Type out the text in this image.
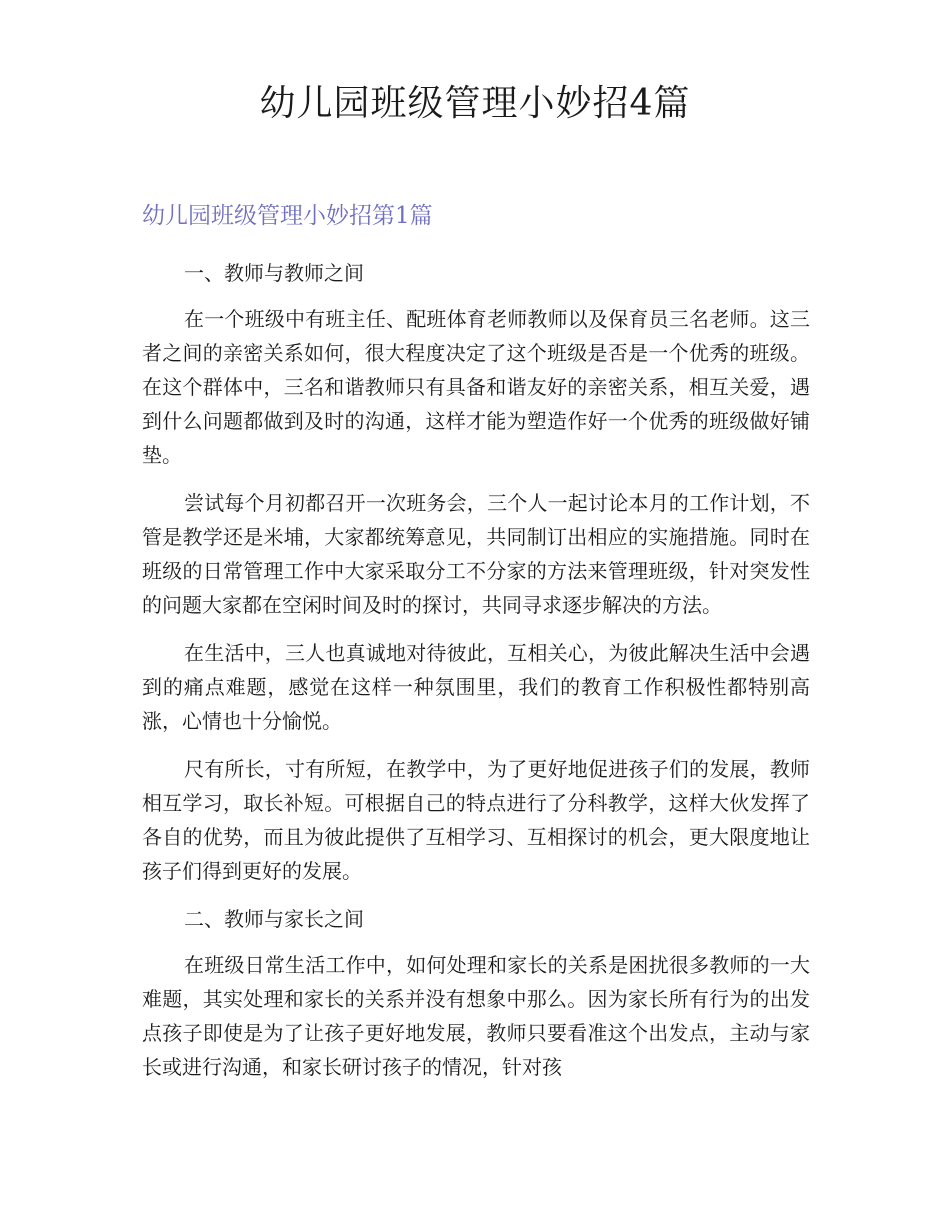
幼儿园班级管理小妙招4篇
幼儿园班级管理小妙招第1篇

一、教师与教师之间

在一个班级中有班主任、配班体育老师教师以及保育员三名老师。这三者之间的亲密关系如何，很大程度决定了这个班级是否是一个优秀的班级。在这个群体中，三名和谐教师只有具备和谐友好的亲密关系，相互关爱，遇到什么问题都做到及时的沟通，这样才能为塑造作好一个优秀的班级做好铺垫。

尝试每个月初都召开一次班务会，三个人一起讨论本月的工作计划，不管是教学还是米埔，大家都统筹意见，共同制订出相应的实施措施。同时在班级的日常管理工作中大家采取分工不分家的方法来管理班级，针对突发性的问题大家都在空闲时间及时的探讨，共同寻求逐步解决的方法。

在生活中，三人也真诚地对待彼此，互相关心，为彼此解决生活中会遇到的痛点难题，感觉在这样一种氛围里，我们的教育工作积极性都特别高涨，心情也十分愉悦。

尺有所长，寸有所短，在教学中，为了更好地促进孩子们的发展，教师相互学习，取长补短。可根据自己的特点进行了分科教学，这样大伙发挥了各自的优势，而且为彼此提供了互相学习、互相探讨的机会，更大限度地让孩子们得到更好的发展。

二、教师与家长之间

在班级日常生活工作中，如何处理和家长的关系是困扰很多教师的一大难题，其实处理和家长的关系并没有想象中那么。因为家长所有行为的出发点孩子即使是为了让孩子更好地发展，教师只要看准这个出发点，主动与家长或进行沟通，和家长研讨孩子的情况，针对孩
